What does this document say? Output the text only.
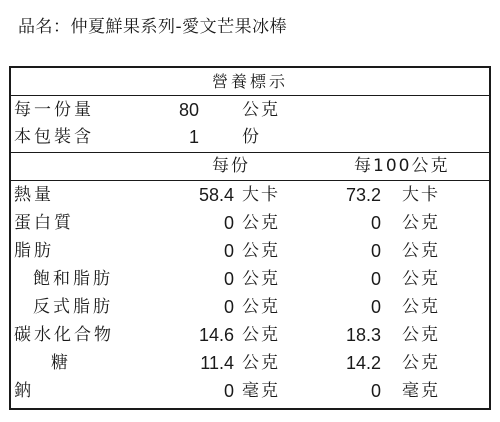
品名：仲夏鮮果系列-愛文芒果冰棒
營養標示
每一份量	80	公克
本包裝含	1	份
每份	每100公克
熱量	58.4 大卡	73.2 大卡
蛋白質	0 公克	0 公克
脂肪	0 公克	0 公克
飽和脂肪	0 公克	0 公克
反式脂肪	0 公克	0 公克
碳水化合物	14.6 公克	18.3 公克
糖	11.4 公克	14.2 公克
鈉	0 毫克	0 毫克
